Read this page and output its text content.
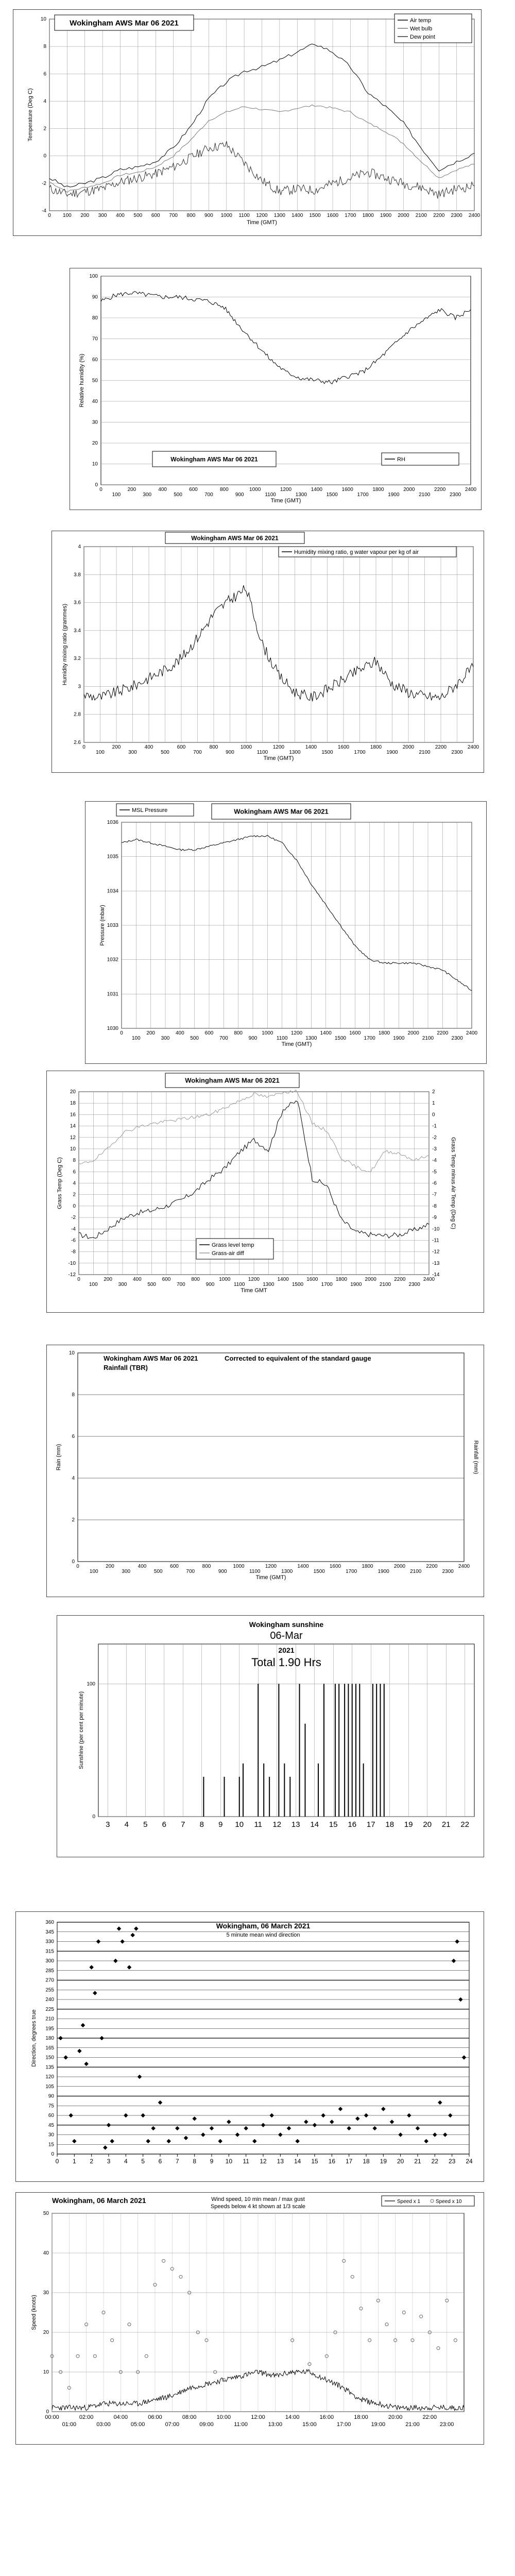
-4
-2
0
2
4
6
8
10
0 100 200 300 400 500 600 700 800 900 1000 1100 1200 1300 1400 1500 1600 1700 1800 1900 2000 2100 2200 2300 2400
Time (GMT)
Temperature (Deg C)
Wokingham AWS Mar 06 2021	Air temp
Wet bulb
Dew point
0
10
20
30
40
50
60
70
80
90
100
0
100
200
300
400
500
600
700
800
900
1000
1100
1200
1300
1400
1500
1600
1700
1800
1900
2000
2100
2200
2300
2400
Time (GMT)
Relative humidity (%)
Wokingham AWS Mar 06 2021	RH
2.6
2.8
3
3.2
3.4
3.6
3.8
4
0
100
200
300
400
500
600
700
800
900
1000
1100
1200
1300
1400
1500
1600
1700
1800
1900
2000
2100
2200
2300
2400
Time (GMT)
Humidity mixing ratio (grammes)
Wokingham AWS Mar 06 2021
Humidity mixing ratio, g water vapour per kg of air
1030
1031
1032
1033
1034
1035
1036
0
100
200
300
400
500
600
700
800
900
1000
1100
1200
1300
1400
1500
1600
1700
1800
1900
2000
2100
2200
2300
2400
Time (GMT)
Pressure (mbar)
MSL Pressure	Wokingham AWS Mar 06 2021
-12
-10
-8
-6
-4
-2
0
2
4
6
8
10
12
14
16
18
20
0
100
200
300
400
500
600
700
800
900
1000
1100
1200
1300
1400
1500
1600
1700
1800
1900
2000
2100
2200
2300
2400
Time GMT
Grass Temp (Deg C)
-14
-13
-12
-11
-10
-9
-8
-7
-6
-5
-4
-3
-2
-1
0
1
2
Grass Temp minus Air Temp (Deg C)
Wokingham AWS Mar 06 2021
Grass level temp
Grass-air diff
0
2
4
6
8
10
0
100
200
300
400
500
600
700
800
900
1000
1100
1200
1300
1400
1500
1600
1700
1800
1900
2000
2100
2200
2300
2400
Time (GMT)
Rain (mm)	Rainfall (mm)
Wokingham AWS Mar 06 2021
Rainfall (TBR)
Corrected to equivalent of the standard gauge
0
100
3 4 5 6 7 8 9 10 11 12 13 14 15 16 17 18 19 20 21 22
Sunshine (per cent per minute)
Wokingham sunshine
06-Mar
2021
Total 1.90 Hrs
0
15
30
45
60
75
90
105
120
135
150
165
180
195
210
225
240
255
270
285
300
315
330
345
360
0 1 2 3 4 5 6 7 8 9 10 11 12 13 14 15 16 17 18 19 20 21 22 23 24
Direction, degrees true
Wokingham, 06 March 2021
5 minute mean wind direction
0
10
20
30
40
50
00:00
01:00
02:00
03:00
04:00
05:00
06:00
07:00
08:00
09:00
10:00
11:00
12:00
13:00
14:00
15:00
16:00
17:00
18:00
19:00
20:00
21:00
22:00
23:00
Speed (knots)
Wokingham, 06 March 2021	Wind speed, 10 min mean / max gust
Speeds below 4 kt shown at 1/3 scale
Speed x 1	Speed x 10
